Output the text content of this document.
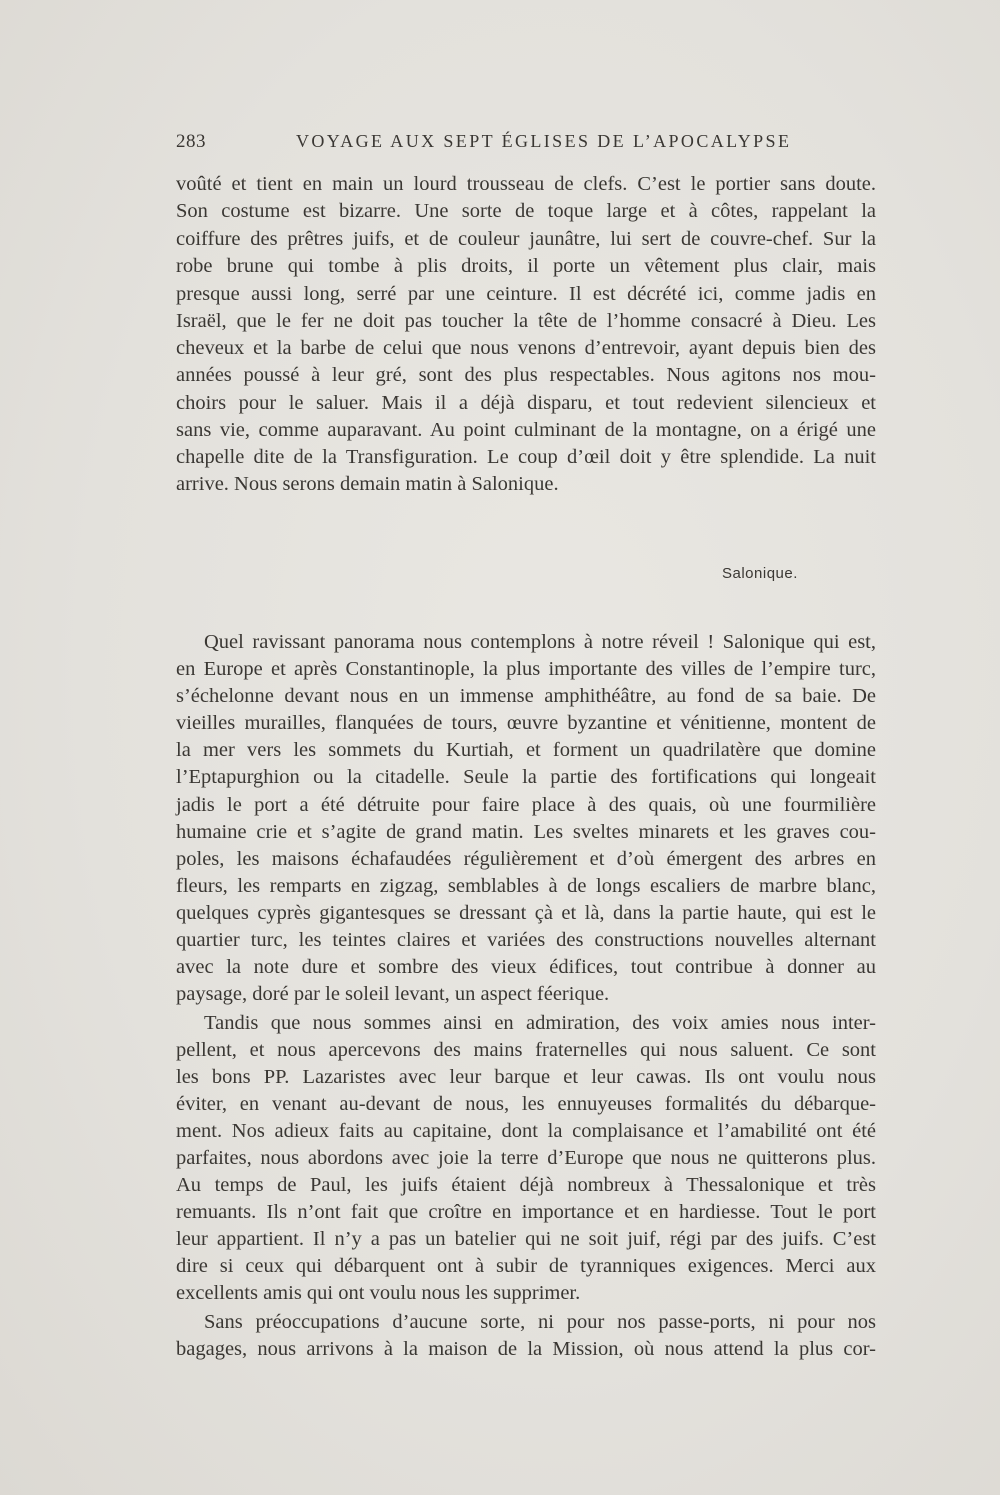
283	VOYAGE AUX SEPT ÉGLISES DE L’APOCALYPSE
voûté et tient en main un lourd trousseau de clefs. C’est le portier sans doute.
Son costume est bizarre. Une sorte de toque large et à côtes, rappelant la
coiffure des prêtres juifs, et de couleur jaunâtre, lui sert de couvre-chef. Sur la
robe brune qui tombe à plis droits, il porte un vêtement plus clair, mais
presque aussi long, serré par une ceinture. Il est décrété ici, comme jadis en
Israël, que le fer ne doit pas toucher la tête de l’homme consacré à Dieu. Les
cheveux et la barbe de celui que nous venons d’entrevoir, ayant depuis bien des
années poussé à leur gré, sont des plus respectables. Nous agitons nos mou-
choirs pour le saluer. Mais il a déjà disparu, et tout redevient silencieux et
sans vie, comme auparavant. Au point culminant de la montagne, on a érigé une
chapelle dite de la Transfiguration. Le coup d’œil doit y être splendide. La nuit
arrive. Nous serons demain matin à Salonique.
Salonique.
Quel ravissant panorama nous contemplons à notre réveil ! Salonique qui est,
en Europe et après Constantinople, la plus importante des villes de l’empire turc,
s’échelonne devant nous en un immense amphithéâtre, au fond de sa baie. De
vieilles murailles, flanquées de tours, œuvre byzantine et vénitienne, montent de
la mer vers les sommets du Kurtiah, et forment un quadrilatère que domine
l’Eptapurghion ou la citadelle. Seule la partie des fortifications qui longeait
jadis le port a été détruite pour faire place à des quais, où une fourmilière
humaine crie et s’agite de grand matin. Les sveltes minarets et les graves cou-
poles, les maisons échafaudées régulièrement et d’où émergent des arbres en
fleurs, les remparts en zigzag, semblables à de longs escaliers de marbre blanc,
quelques cyprès gigantesques se dressant çà et là, dans la partie haute, qui est le
quartier turc, les teintes claires et variées des constructions nouvelles alternant
avec la note dure et sombre des vieux édifices, tout contribue à donner au
paysage, doré par le soleil levant, un aspect féerique.
Tandis que nous sommes ainsi en admiration, des voix amies nous inter-
pellent, et nous apercevons des mains fraternelles qui nous saluent. Ce sont
les bons PP. Lazaristes avec leur barque et leur cawas. Ils ont voulu nous
éviter, en venant au-devant de nous, les ennuyeuses formalités du débarque-
ment. Nos adieux faits au capitaine, dont la complaisance et l’amabilité ont été
parfaites, nous abordons avec joie la terre d’Europe que nous ne quitterons plus.
Au temps de Paul, les juifs étaient déjà nombreux à Thessalonique et très
remuants. Ils n’ont fait que croître en importance et en hardiesse. Tout le port
leur appartient. Il n’y a pas un batelier qui ne soit juif, régi par des juifs. C’est
dire si ceux qui débarquent ont à subir de tyranniques exigences. Merci aux
excellents amis qui ont voulu nous les supprimer.
Sans préoccupations d’aucune sorte, ni pour nos passe-ports, ni pour nos
bagages, nous arrivons à la maison de la Mission, où nous attend la plus cor-
